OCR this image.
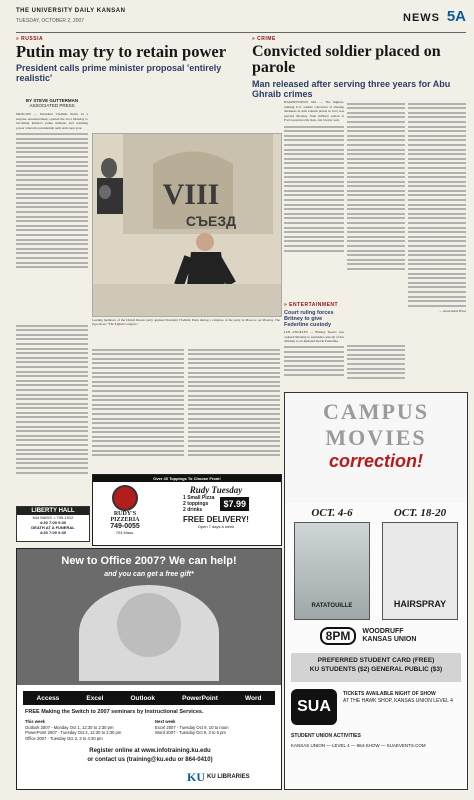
THE UNIVERSITY DAILY KANSAN
TUESDAY, OCTOBER 2, 2007	NEWS 5A
» RUSSIA
Putin may try to retain power
President calls prime minister proposal 'entirely realistic'
BY STEVE GUTTERMAN
ASSOCIATED PRESS
MOSCOW — President Vladimir Putin, in a surprise announcement, opened the door Monday to becoming Russia's prime minister and retaining power when his presidential term ends next year.
VIII
СЪЕЗД
Leading members of the United Russia party applaud President Vladimir Putin during a congress of the party in Moscow on Monday. The sign shows "The Eighth Congress."
» CRIME
Convicted soldier placed on parole
Man released after serving three years for Abu Ghraib crimes
HAGERSTOWN, Md. — The highest-ranking U.S. soldier convicted of abusing detainees at Abu Ghraib prison in Iraq was paroled Monday from military prison at Fort Leavenworth, Kan., his lawyer said.
— Associated Press
» ENTERTAINMENT
Court ruling forces Britney to give Federline custody
LOS ANGELES — Britney Spears was ordered Monday to surrender custody of her children to ex-husband Kevin Federline.
LIBERTY HALL
644 MASS. • 749-1912
4:30 7:00 9:30
DEATH AT A FUNERAL
4:30 7:00 9:30
Over 40 Toppings To Choose From!
RUDY'S PIZZERIA
749-0055
704 Mass.
Rudy Tuesday
1 Small Pizza
2 toppings
2 drinks
$7.99
FREE DELIVERY!
Open 7 days a week
New to Office 2007? We can help!
and you can get a free gift*
Access	Excel	Outlook	PowerPoint	Word
FREE Making the Switch to 2007 seminars by Instructional Services.
This week
Outlook 2007 - Monday Oct 1, 12:30 to 2:30 pm
PowerPoint 2007 - Tuesday Oct 2, 12:30 to 2:30 pm
Office 2007 - Tuesday Oct 2, 3 to 4:30 pm
Next week
Excel 2007 - Tuesday Oct 9, 10 to noon
Word 2007 - Tuesday Oct 9, 3 to 5 pm
Register online at www.infotraining.ku.edu
or contact us (training@ku.edu or 864-0410)
KU KU LIBRARIES
CAMPUS
MOVIES
correction!
OCT. 4-6
RATATOUILLE
OCT. 18-20
HAIRSPRAY
8PM	WOODRUFF KANSAS UNION
PREFERRED STUDENT CARD (FREE)
KU STUDENTS ($2) GENERAL PUBLIC ($3)
SUA
TICKETS AVAILABLE NIGHT OF SHOW
AT THE HAWK SHOP, KANSAS UNION LEVEL 4
STUDENT UNION ACTIVITIES
KANSAS UNION — LEVEL 4 — 864-SHOW — SUAEVENTS.COM
